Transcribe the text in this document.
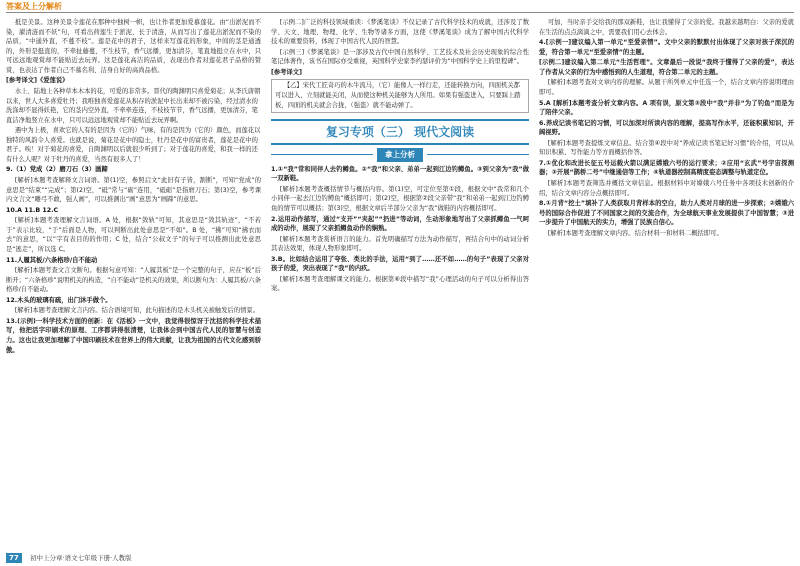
答案及上分解析

抵是美景。这种美景令莲花在那种中独树一帜，也让作者更加爱慕莲花。由“出淤泥而不染，濯清涟而不妖”句，可看出荷莲生于淤泥、长于清涟，从而写出了莲花出淤泥而不染的品质，“中通外直，不蔓不枝”。莲是花中的君子，这样来写莲花的形象，中间的茎是通透的，外形是挺直的，不牵扯藤蔓，不生枝节，香气远播，更加清芬，笔直地挺立在水中，只可远远地观赏却不能贴近去玩弄。这是莲花高洁的品质，表现出作者对莲花君子品格的赞赏，也表达了作者自己不慕名利、洁身自好的高尚品格。

[参考译文]《爱莲说》

水上、陆地上各种草本木本的花，可爱的非常多。晋代的陶渊明只喜爱菊花；从李氏唐朝以来，世人大多喜爱牡丹；我唯独喜爱莲花从积存的淤泥中长出来却不被污染，经过清水的洗涤却不显得妖艳，它的茎内空外直，不牵牵连连，不枝枝节节，香气远播，更加清芬，笔直洁净地竖立在水中，只可以远远地观赏却不能贴近去玩弄啊。

遇中为上极，喜欢它的人有的是因为（它的）气味，有的是因为（它的）颜色，而莲花以独特的风韵令人喜爱。也就是说，菊花是花中的隐士，牡丹是花中的富贵者，莲花是花中的君子。唉！对于菊花的喜爱，自陶渊明以后就很少听到了；对于莲花的喜爱，和我一样的还有什么人呢？对于牡丹的喜爱，当然有很多人了！

9.（1）党成（2）磨刀石（3）画蹄

[解析]本题考查解释文言词语。第(1)空，参照启文“此旧有子皆，割断”，可知“党成”的意思是“结束”“完成”；第(2)空，“砥”常与“砺”连用，“砥砺”是指磨刀石；第(3)空，参考课内文言文“雕弓不敢，强人画”，可以推测出“画”意思为“画蹄”的意思。

10.A 11.B 12.C

[解析]本题考查理解文言词语。A 处，根据“敛轨”可知，其意思是“敛其轨迹”，“不若于”表示比较，“于”后面是人物，可以判断出此处意思是“不如”。B 处，“拂”可知“拂衣而去”的意思，“以”字有表目的的作用；C 处，结合“公叔文子”的句子可以推测出此处意思是“逃走”，所以选 C。

11.人履其板/六条格珍/自不能动

[解析]本题考查文言文断句。根据句意可知：“人履其板”是一个完整的句子，应在“板”后断开；“六条格珍”说明机关的构造，“自不能动”是机关的效果，所以断句为：人履其板/六条格珍/自不能动。

12.木头的玻璃有疏，出门沐手做个。

[解析]本题考查理解文言内容。结合语境可知，此句描述的是木头机关被触发后的情景。

13.(示例)一科学技术方面的创新：在《活板》一文中，我觉得很惊讶于沈括的科学技术描写，他把活字印刷术的原理、工序都讲得很清楚，让我体会到中国古代人民的智慧与创造力。这也让我更加理解了中国印刷技术在世界上的伟大贡献，让我为祖国的古代文化感到骄傲。

[示例二]广泛的科技领域重读：《梦溪笔谈》不仅记录了古代科学技术的成就，还涉及了数学、天文、地理、物理、化学、生物等诸多方面，这使《梦溪笔谈》成为了解中国古代科学技术的重要资料，体现了中国古代人民的智慧。

[示例三]《梦溪笔谈》是一部涉及古代中国自然科学、工艺技术及社会历史现象的综合性笔记体著作，该书在国际亦受重视，英国科学史家李约瑟评价为“中国科学史上的里程碑”。

[参考译文]

【乙】宋代工匠奇巧的木牛流马，（它）能像人一样行走，还能转换方向，四面机关都可以进入，立刻就能关闭，从而使这种机关能够为人所用。如果有强盗进入，只要踩上踏板，四面的机关就会合拢，（强盗）就不能动弹了。

复习专项（三） 现代文阅读
拿上分析

1.①“我”常和同伴人去钓鳟鱼。②“我”和父亲、弟弟一起到江边钓鳟鱼。③到父亲为“我”做一双新鞋。

[解析]本题考查概括情节与概括内容。第(1)空，可定位至第①段，根据文中“我常和几个小同伴一起去江边钓鳟鱼”概括即可；第(2)空，根据第②段父亲带“我”和弟弟一起到江边钓鳟鱼的情节可以概括；第(3)空，根据文章后半部分父亲为“我”做鞋的内容概括即可。

2.运用动作描写，通过“支开”“夹起”“扔进”等动词，生动形象地写出了父亲抓鳟鱼一气呵成的动作，展现了父亲抓鳟鱼动作的娴熟。

[解析]本题考查赏析语言的能力。首先明确描写方法为动作描写，再结合句中的动词分析其表达效果，体现人物形象即可。

3.B。比如结合运用了夸张、类比的手法，运用“到了……还不如……的句子”表现了父亲对孩子的爱，突出表现了“我”的内疚。

[解析]本题考查理解课文的能力。根据第⑥段中描写“我”心理活动的句子可以分析得出答案。

可加，当时亲手交给我的那双新鞋，也让我懂得了父亲的爱。我越来越明白：父亲的爱就在生活的点点滴滴之中，需要我们用心去体会。

4.[示例一]建议编入第一单元“至爱亲情”。文中父亲的默默付出体现了父亲对孩子深沉的爱，符合第一单元“至爱亲情”的主题。

[示例二]建议编入第二单元“生活哲理”。文章最后一段说“我终于懂得了父亲的爱”，表达了作者从父亲的行为中感悟到的人生道理，符合第二单元的主题。

[解析]本题考查对文章内容的理解。从题干所列单元中任选一个，结合文章内容说明理由即可。

5.A [解析]本题考查分析文章内容。A 项有误，原文第③段中“我”并非“为了钓鱼”而是为了陪伴父亲。

6.养成记读书笔记的习惯，可以加深对所读内容的理解，提高写作水平，还能积累知识，开阔视野。

[解析]本题考查提炼文章信息。结合第④段中对“养成记读书笔记好习惯”的介绍，可以从知识积累、写作能力等方面概括作答。

7.①优化和改进长征五号运载火箭以满足嫦娥六号的运行要求；②应用“玄武”号宇宙探测器；③开展“鹊桥二号”中继通信等工作；④轨道器控制高精度姿态调整与轨道定位。

[解析]本题考查筛选并概括文章信息。根据材料中对嫦娥六号任务中各项技术创新的介绍，结合文章内容分点概括即可。

8.①月背“挖土”填补了人类获取月背样本的空白，助力人类对月球的进一步探索；②嫦娥六号的国际合作促进了不同国家之间的交流合作，为全球航天事业发展提供了中国智慧；③进一步提升了中国航天的实力，增强了民族自信心。

[解析]本题考查理解文章内容。结合材料一和材料二概括即可。

77	初中上分章·语文七年级下册·人教版
